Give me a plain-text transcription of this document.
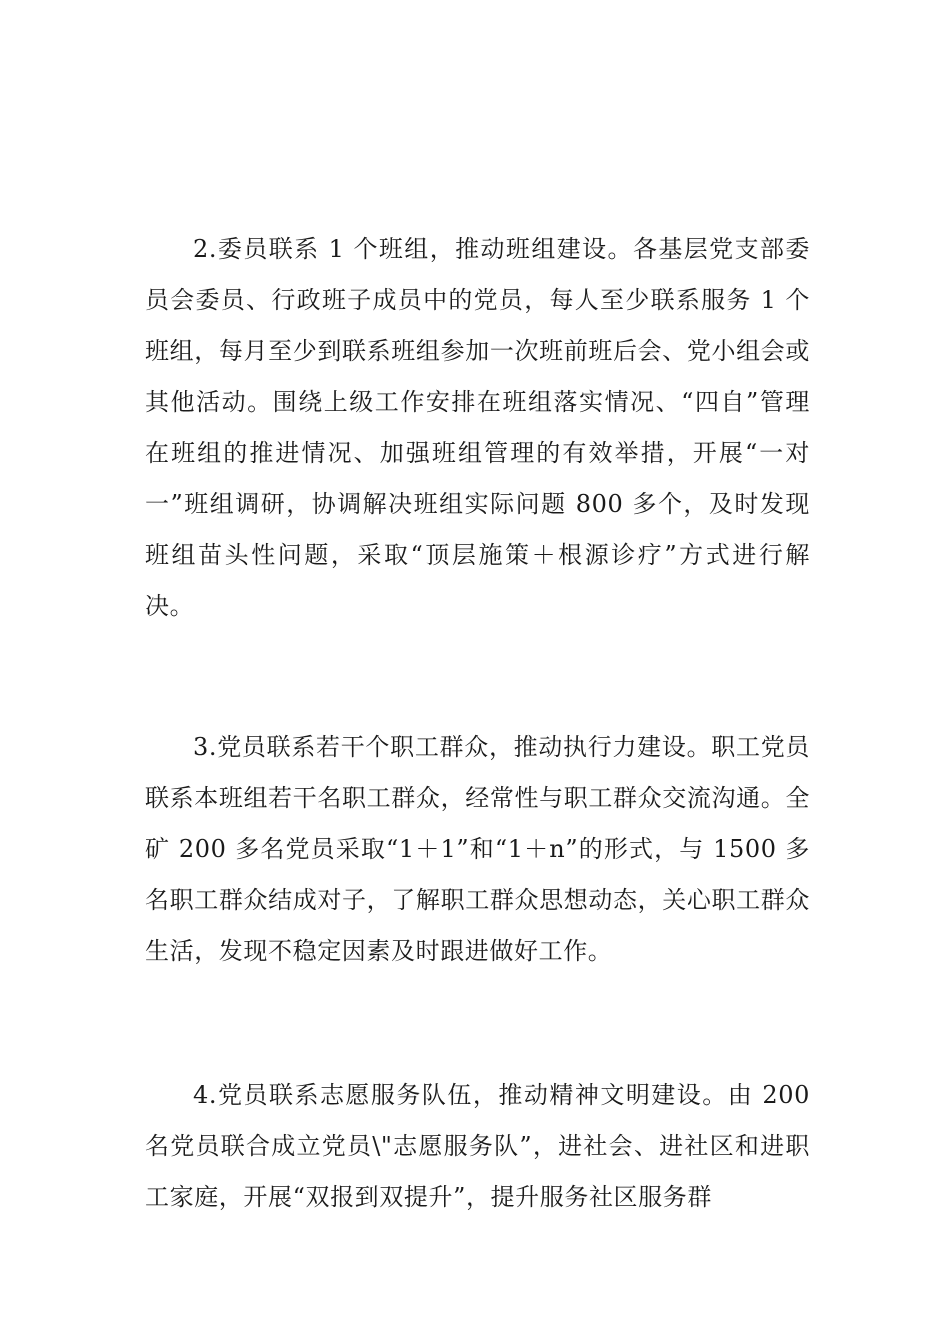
2.委员联系 1 个班组，推动班组建设。各基层党支部委员会委员、行政班子成员中的党员，每人至少联系服务 1 个班组，每月至少到联系班组参加一次班前班后会、党小组会或其他活动。围绕上级工作安排在班组落实情况、“四自”管理在班组的推进情况、加强班组管理的有效举措，开展“一对一”班组调研，协调解决班组实际问题 800 多个，及时发现班组苗头性问题，采取“顶层施策＋根源诊疗”方式进行解决。

3.党员联系若干个职工群众，推动执行力建设。职工党员联系本班组若干名职工群众，经常性与职工群众交流沟通。全矿 200 多名党员采取“1＋1”和“1＋n”的形式，与 1500 多名职工群众结成对子，了解职工群众思想动态，关心职工群众生活，发现不稳定因素及时跟进做好工作。

4.党员联系志愿服务队伍，推动精神文明建设。由 200 名党员联合成立党员\"志愿服务队”，进社会、进社区和进职工家庭，开展“双报到双提升”，提升服务社区服务群
